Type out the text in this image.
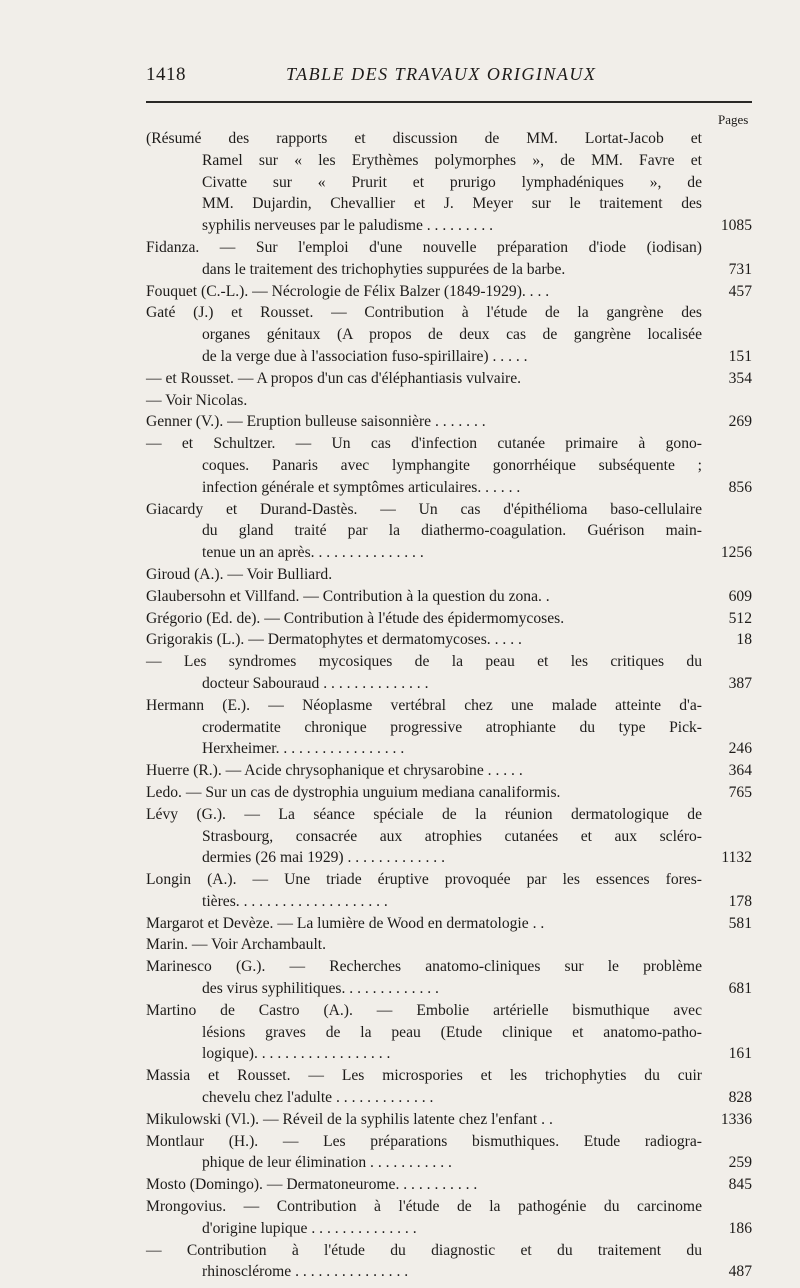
1418	TABLE DES TRAVAUX ORIGINAUX
Pages
(Résumé des rapports et discussion de MM. Lortat-Jacob et
Ramel sur « les Erythèmes polymorphes », de MM. Favre et
Civatte sur « Prurit et prurigo lymphadéniques », de
MM. Dujardin, Chevallier et J. Meyer sur le traitement des
syphilis nerveuses par le paludisme . . . . . . . . .	1085
Fidanza. — Sur l'emploi d'une nouvelle préparation d'iode (iodisan)
dans le traitement des trichophyties suppurées de la barbe.	731
Fouquet (C.-L.). — Nécrologie de Félix Balzer (1849-1929). . . .	457
Gaté (J.) et Rousset. — Contribution à l'étude de la gangrène des
organes génitaux (A propos de deux cas de gangrène localisée
de la verge due à l'association fuso-spirillaire) . . . . .	151
— et Rousset. — A propos d'un cas d'éléphantiasis vulvaire.	354
— Voir Nicolas.
Genner (V.). — Eruption bulleuse saisonnière . . . . . . .	269
— et Schultzer. — Un cas d'infection cutanée primaire à gono-
coques. Panaris avec lymphangite gonorrhéique subséquente ;
infection générale et symptômes articulaires. . . . . .	856
Giacardy et Durand-Dastès. — Un cas d'épithélioma baso-cellulaire
du gland traité par la diathermo-coagulation. Guérison main-
tenue un an après. . . . . . . . . . . . . . .	1256
Giroud (A.). — Voir Bulliard.
Glaubersohn et Villfand. — Contribution à la question du zona. .	609
Grégorio (Ed. de). — Contribution à l'étude des épidermomycoses.	512
Grigorakis (L.). — Dermatophytes et dermatomycoses. . . . .	18
— Les syndromes mycosiques de la peau et les critiques du
docteur Sabouraud . . . . . . . . . . . . . .	387
Hermann (E.). — Néoplasme vertébral chez une malade atteinte d'a-
crodermatite chronique progressive atrophiante du type Pick-
Herxheimer. . . . . . . . . . . . . . . . .	246
Huerre (R.). — Acide chrysophanique et chrysarobine . . . . .	364
Ledo. — Sur un cas de dystrophia unguium mediana canaliformis.	765
Lévy (G.). — La séance spéciale de la réunion dermatologique de
Strasbourg, consacrée aux atrophies cutanées et aux scléro-
dermies (26 mai 1929) . . . . . . . . . . . . .	1132
Longin (A.). — Une triade éruptive provoquée par les essences fores-
tières. . . . . . . . . . . . . . . . . . . .	178
Margarot et Devèze. — La lumière de Wood en dermatologie . .	581
Marin. — Voir Archambault.
Marinesco (G.). — Recherches anatomo-cliniques sur le problème
des virus syphilitiques. . . . . . . . . . . . .	681
Martino de Castro (A.). — Embolie artérielle bismuthique avec
lésions graves de la peau (Etude clinique et anatomo-patho-
logique). . . . . . . . . . . . . . . . . .	161
Massia et Rousset. — Les microspories et les trichophyties du cuir
chevelu chez l'adulte . . . . . . . . . . . . .	828
Mikulowski (Vl.). — Réveil de la syphilis latente chez l'enfant . .	1336
Montlaur (H.). — Les préparations bismuthiques. Etude radiogra-
phique de leur élimination . . . . . . . . . . .	259
Mosto (Domingo). — Dermatoneurome. . . . . . . . . . .	845
Mrongovius. — Contribution à l'étude de la pathogénie du carcinome
d'origine lupique . . . . . . . . . . . . . .	186
— Contribution à l'étude du diagnostic et du traitement du
rhinosclérome . . . . . . . . . . . . . . .	487
